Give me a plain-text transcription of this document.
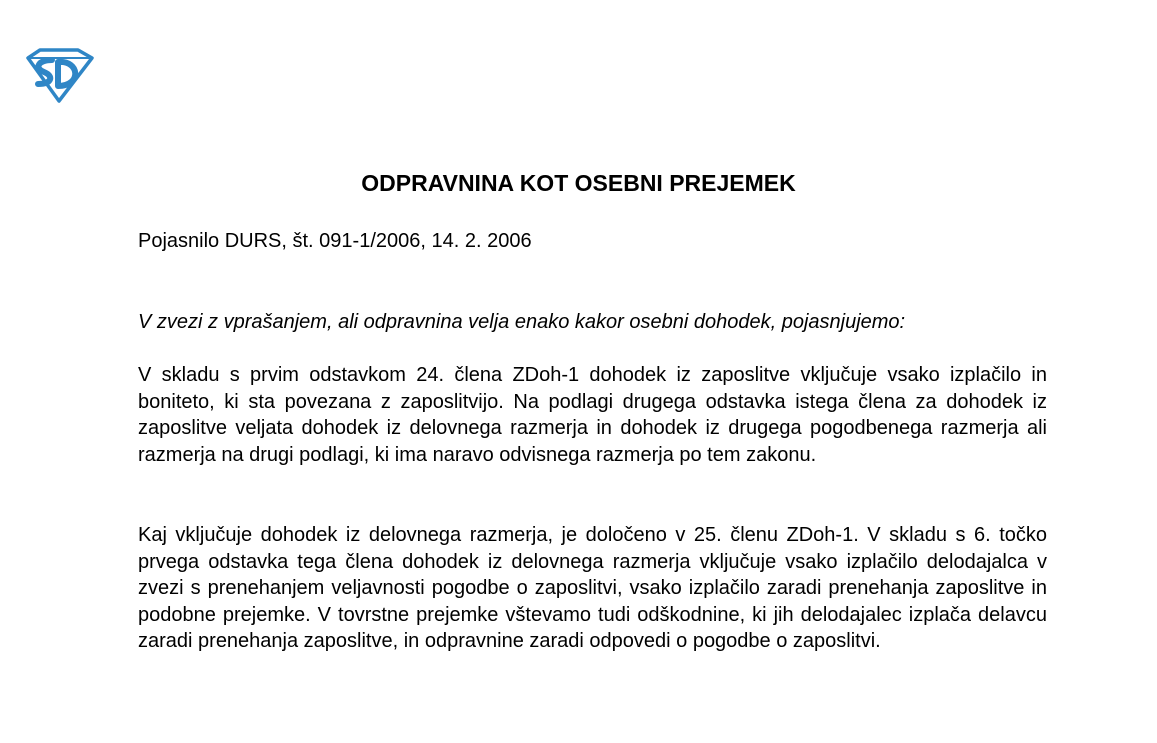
ODPRAVNINA KOT OSEBNI PREJEMEK
Pojasnilo DURS, št. 091-1/2006, 14. 2. 2006
V zvezi z vprašanjem, ali odpravnina velja enako kakor osebni dohodek, pojasnjujemo:
V skladu s prvim odstavkom 24. člena ZDoh-1 dohodek iz zaposlitve vključuje vsako izplačilo in boniteto, ki sta povezana z zaposlitvijo. Na podlagi drugega odstavka istega člena za dohodek iz zaposlitve veljata dohodek iz delovnega razmerja in dohodek iz drugega pogodbenega razmerja ali razmerja na drugi podlagi, ki ima naravo odvisnega razmerja po tem zakonu.
Kaj vključuje dohodek iz delovnega razmerja, je določeno v 25. členu ZDoh-1. V skladu s 6. točko prvega odstavka tega člena dohodek iz delovnega razmerja vključuje vsako izplačilo delodajalca v zvezi s prenehanjem veljavnosti pogodbe o zaposlitvi, vsako izplačilo zaradi prenehanja zaposlitve in podobne prejemke. V tovrstne prejemke vštevamo tudi odškodnine, ki jih delodajalec izplača delavcu zaradi prenehanja zaposlitve, in odpravnine zaradi odpovedi o pogodbe o zaposlitvi.
